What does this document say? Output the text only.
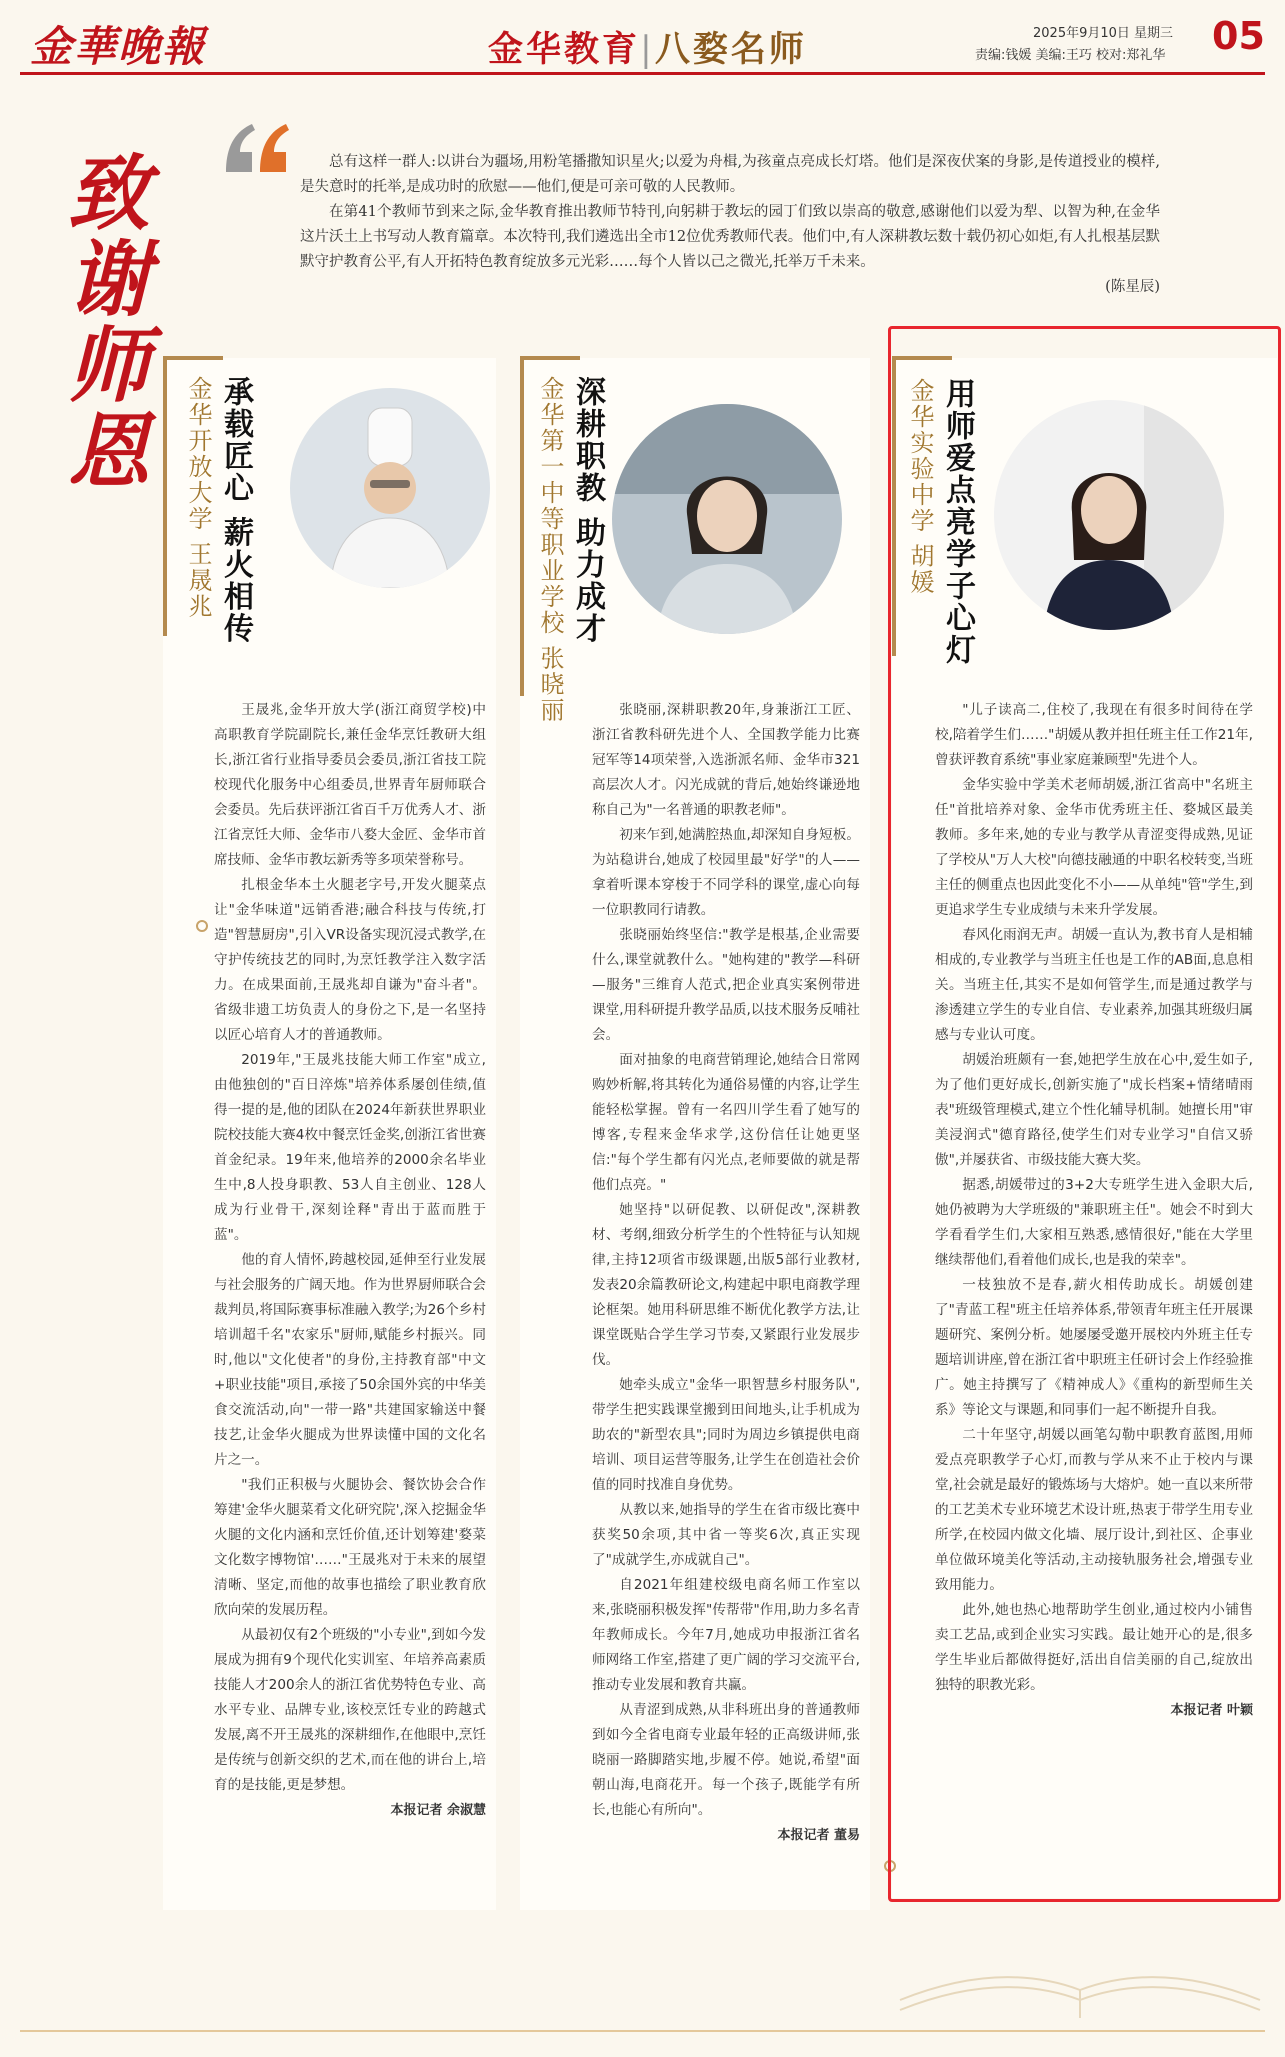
金華晚報	金华教育|八婺名师	2025年9月10日 星期三
责编:钱媛 美编:王巧 校对:郑礼华 05
致谢师恩	总有这样一群人:以讲台为疆场,用粉笔播撒知识星火;以爱为舟楫,为孩童点亮成长灯塔。他们是深夜伏案的身影,是传道授业的模样,是失意时的托举,是成功时的欣慰——他们,便是可亲可敬的人民教师。

在第41个教师节到来之际,金华教育推出教师节特刊,向躬耕于教坛的园丁们致以崇高的敬意,感谢他们以爱为犁、以智为种,在金华这片沃土上书写动人教育篇章。本次特刊,我们遴选出全市12位优秀教师代表。他们中,有人深耕教坛数十载仍初心如炬,有人扎根基层默默守护教育公平,有人开拓特色教育绽放多元光彩……每个人皆以己之微光,托举万千未来。

(陈星辰)

承载匠心 薪火相传
金华开放大学 王晟兆

王晟兆,金华开放大学(浙江商贸学校)中高职教育学院副院长,兼任金华烹饪教研大组长,浙江省行业指导委员会委员,浙江省技工院校现代化服务中心组委员,世界青年厨师联合会委员。先后获评浙江省百千万优秀人才、浙江省烹饪大师、金华市八婺大金匠、金华市首席技师、金华市教坛新秀等多项荣誉称号。

扎根金华本土火腿老字号,开发火腿菜点让"金华味道"远销香港;融合科技与传统,打造"智慧厨房",引入VR设备实现沉浸式教学,在守护传统技艺的同时,为烹饪教学注入数字活力。在成果面前,王晟兆却自谦为"奋斗者"。省级非遗工坊负责人的身份之下,是一名坚持以匠心培育人才的普通教师。

2019年,"王晟兆技能大师工作室"成立,由他独创的"百日淬炼"培养体系屡创佳绩,值得一提的是,他的团队在2024年新获世界职业院校技能大赛4枚中餐烹饪金奖,创浙江省世赛首金纪录。19年来,他培养的2000余名毕业生中,8人投身职教、53人自主创业、128人成为行业骨干,深刻诠释"青出于蓝而胜于蓝"。

他的育人情怀,跨越校园,延伸至行业发展与社会服务的广阔天地。作为世界厨师联合会裁判员,将国际赛事标准融入教学;为26个乡村培训超千名"农家乐"厨师,赋能乡村振兴。同时,他以"文化使者"的身份,主持教育部"中文+职业技能"项目,承接了50余国外宾的中华美食交流活动,向"一带一路"共建国家输送中餐技艺,让金华火腿成为世界读懂中国的文化名片之一。

"我们正积极与火腿协会、餐饮协会合作筹建'金华火腿菜肴文化研究院',深入挖掘金华火腿的文化内涵和烹饪价值,还计划筹建'婺菜文化数字博物馆'……"王晟兆对于未来的展望清晰、坚定,而他的故事也描绘了职业教育欣欣向荣的发展历程。

从最初仅有2个班级的"小专业",到如今发展成为拥有9个现代化实训室、年培养高素质技能人才200余人的浙江省优势特色专业、高水平专业、品牌专业,该校烹饪专业的跨越式发展,离不开王晟兆的深耕细作,在他眼中,烹饪是传统与创新交织的艺术,而在他的讲台上,培育的是技能,更是梦想。

本报记者 余淑慧

深耕职教 助力成才
金华第一中等职业学校 张晓丽	张晓丽,深耕职教20年,身兼浙江工匠、浙江省教科研先进个人、全国教学能力比赛冠军等14项荣誉,入选浙派名师、金华市321高层次人才。闪光成就的背后,她始终谦逊地称自己为"一名普通的职教老师"。

初来乍到,她满腔热血,却深知自身短板。为站稳讲台,她成了校园里最"好学"的人——拿着听课本穿梭于不同学科的课堂,虚心向每一位职教同行请教。

张晓丽始终坚信:"教学是根基,企业需要什么,课堂就教什么。"她构建的"教学—科研—服务"三维育人范式,把企业真实案例带进课堂,用科研提升教学品质,以技术服务反哺社会。

面对抽象的电商营销理论,她结合日常网购妙析解,将其转化为通俗易懂的内容,让学生能轻松掌握。曾有一名四川学生看了她写的博客,专程来金华求学,这份信任让她更坚信:"每个学生都有闪光点,老师要做的就是帮他们点亮。"

她坚持"以研促教、以研促改",深耕教材、考纲,细致分析学生的个性特征与认知规律,主持12项省市级课题,出版5部行业教材,发表20余篇教研论文,构建起中职电商教学理论框架。她用科研思维不断优化教学方法,让课堂既贴合学生学习节奏,又紧跟行业发展步伐。

她牵头成立"金华一职智慧乡村服务队",带学生把实践课堂搬到田间地头,让手机成为助农的"新型农具";同时为周边乡镇提供电商培训、项目运营等服务,让学生在创造社会价值的同时找准自身优势。

从教以来,她指导的学生在省市级比赛中获奖50余项,其中省一等奖6次,真正实现了"成就学生,亦成就自己"。

自2021年组建校级电商名师工作室以来,张晓丽积极发挥"传帮带"作用,助力多名青年教师成长。今年7月,她成功申报浙江省名师网络工作室,搭建了更广阔的学习交流平台,推动专业发展和教育共赢。

从青涩到成熟,从非科班出身的普通教师到如今全省电商专业最年轻的正高级讲师,张晓丽一路脚踏实地,步履不停。她说,希望"面朝山海,电商花开。每一个孩子,既能学有所长,也能心有所向"。

本报记者 董易

用师爱点亮学子心灯
金华实验中学 胡媛

"儿子读高二,住校了,我现在有很多时间待在学校,陪着学生们……"胡媛从教并担任班主任工作21年,曾获评教育系统"事业家庭兼顾型"先进个人。

金华实验中学美术老师胡媛,浙江省高中"名班主任"首批培养对象、金华市优秀班主任、婺城区最美教师。多年来,她的专业与教学从青涩变得成熟,见证了学校从"万人大校"向德技融通的中职名校转变,当班主任的侧重点也因此变化不小——从单纯"管"学生,到更追求学生专业成绩与未来升学发展。

春风化雨润无声。胡媛一直认为,教书育人是相辅相成的,专业教学与当班主任也是工作的AB面,息息相关。当班主任,其实不是如何管学生,而是通过教学与渗透建立学生的专业自信、专业素养,加强其班级归属感与专业认可度。

胡媛治班颇有一套,她把学生放在心中,爱生如子,为了他们更好成长,创新实施了"成长档案+情绪晴雨表"班级管理模式,建立个性化辅导机制。她擅长用"审美浸润式"德育路径,使学生们对专业学习"自信又骄傲",并屡获省、市级技能大赛大奖。

据悉,胡媛带过的3+2大专班学生进入金职大后,她仍被聘为大学班级的"兼职班主任"。她会不时到大学看看学生们,大家相互熟悉,感情很好,"能在大学里继续帮他们,看着他们成长,也是我的荣幸"。

一枝独放不是春,薪火相传助成长。胡媛创建了"青蓝工程"班主任培养体系,带领青年班主任开展课题研究、案例分析。她屡屡受邀开展校内外班主任专题培训讲座,曾在浙江省中职班主任研讨会上作经验推广。她主持撰写了《精神成人》《重构的新型师生关系》等论文与课题,和同事们一起不断提升自我。

二十年坚守,胡媛以画笔勾勒中职教育蓝图,用师爱点亮职教学子心灯,而教与学从来不止于校内与课堂,社会就是最好的锻炼场与大熔炉。她一直以来所带的工艺美术专业环境艺术设计班,热衷于带学生用专业所学,在校园内做文化墙、展厅设计,到社区、企事业单位做环境美化等活动,主动接轨服务社会,增强专业致用能力。

此外,她也热心地帮助学生创业,通过校内小铺售卖工艺品,或到企业实习实践。最让她开心的是,很多学生毕业后都做得挺好,活出自信美丽的自己,绽放出独特的职教光彩。

本报记者 叶颖
